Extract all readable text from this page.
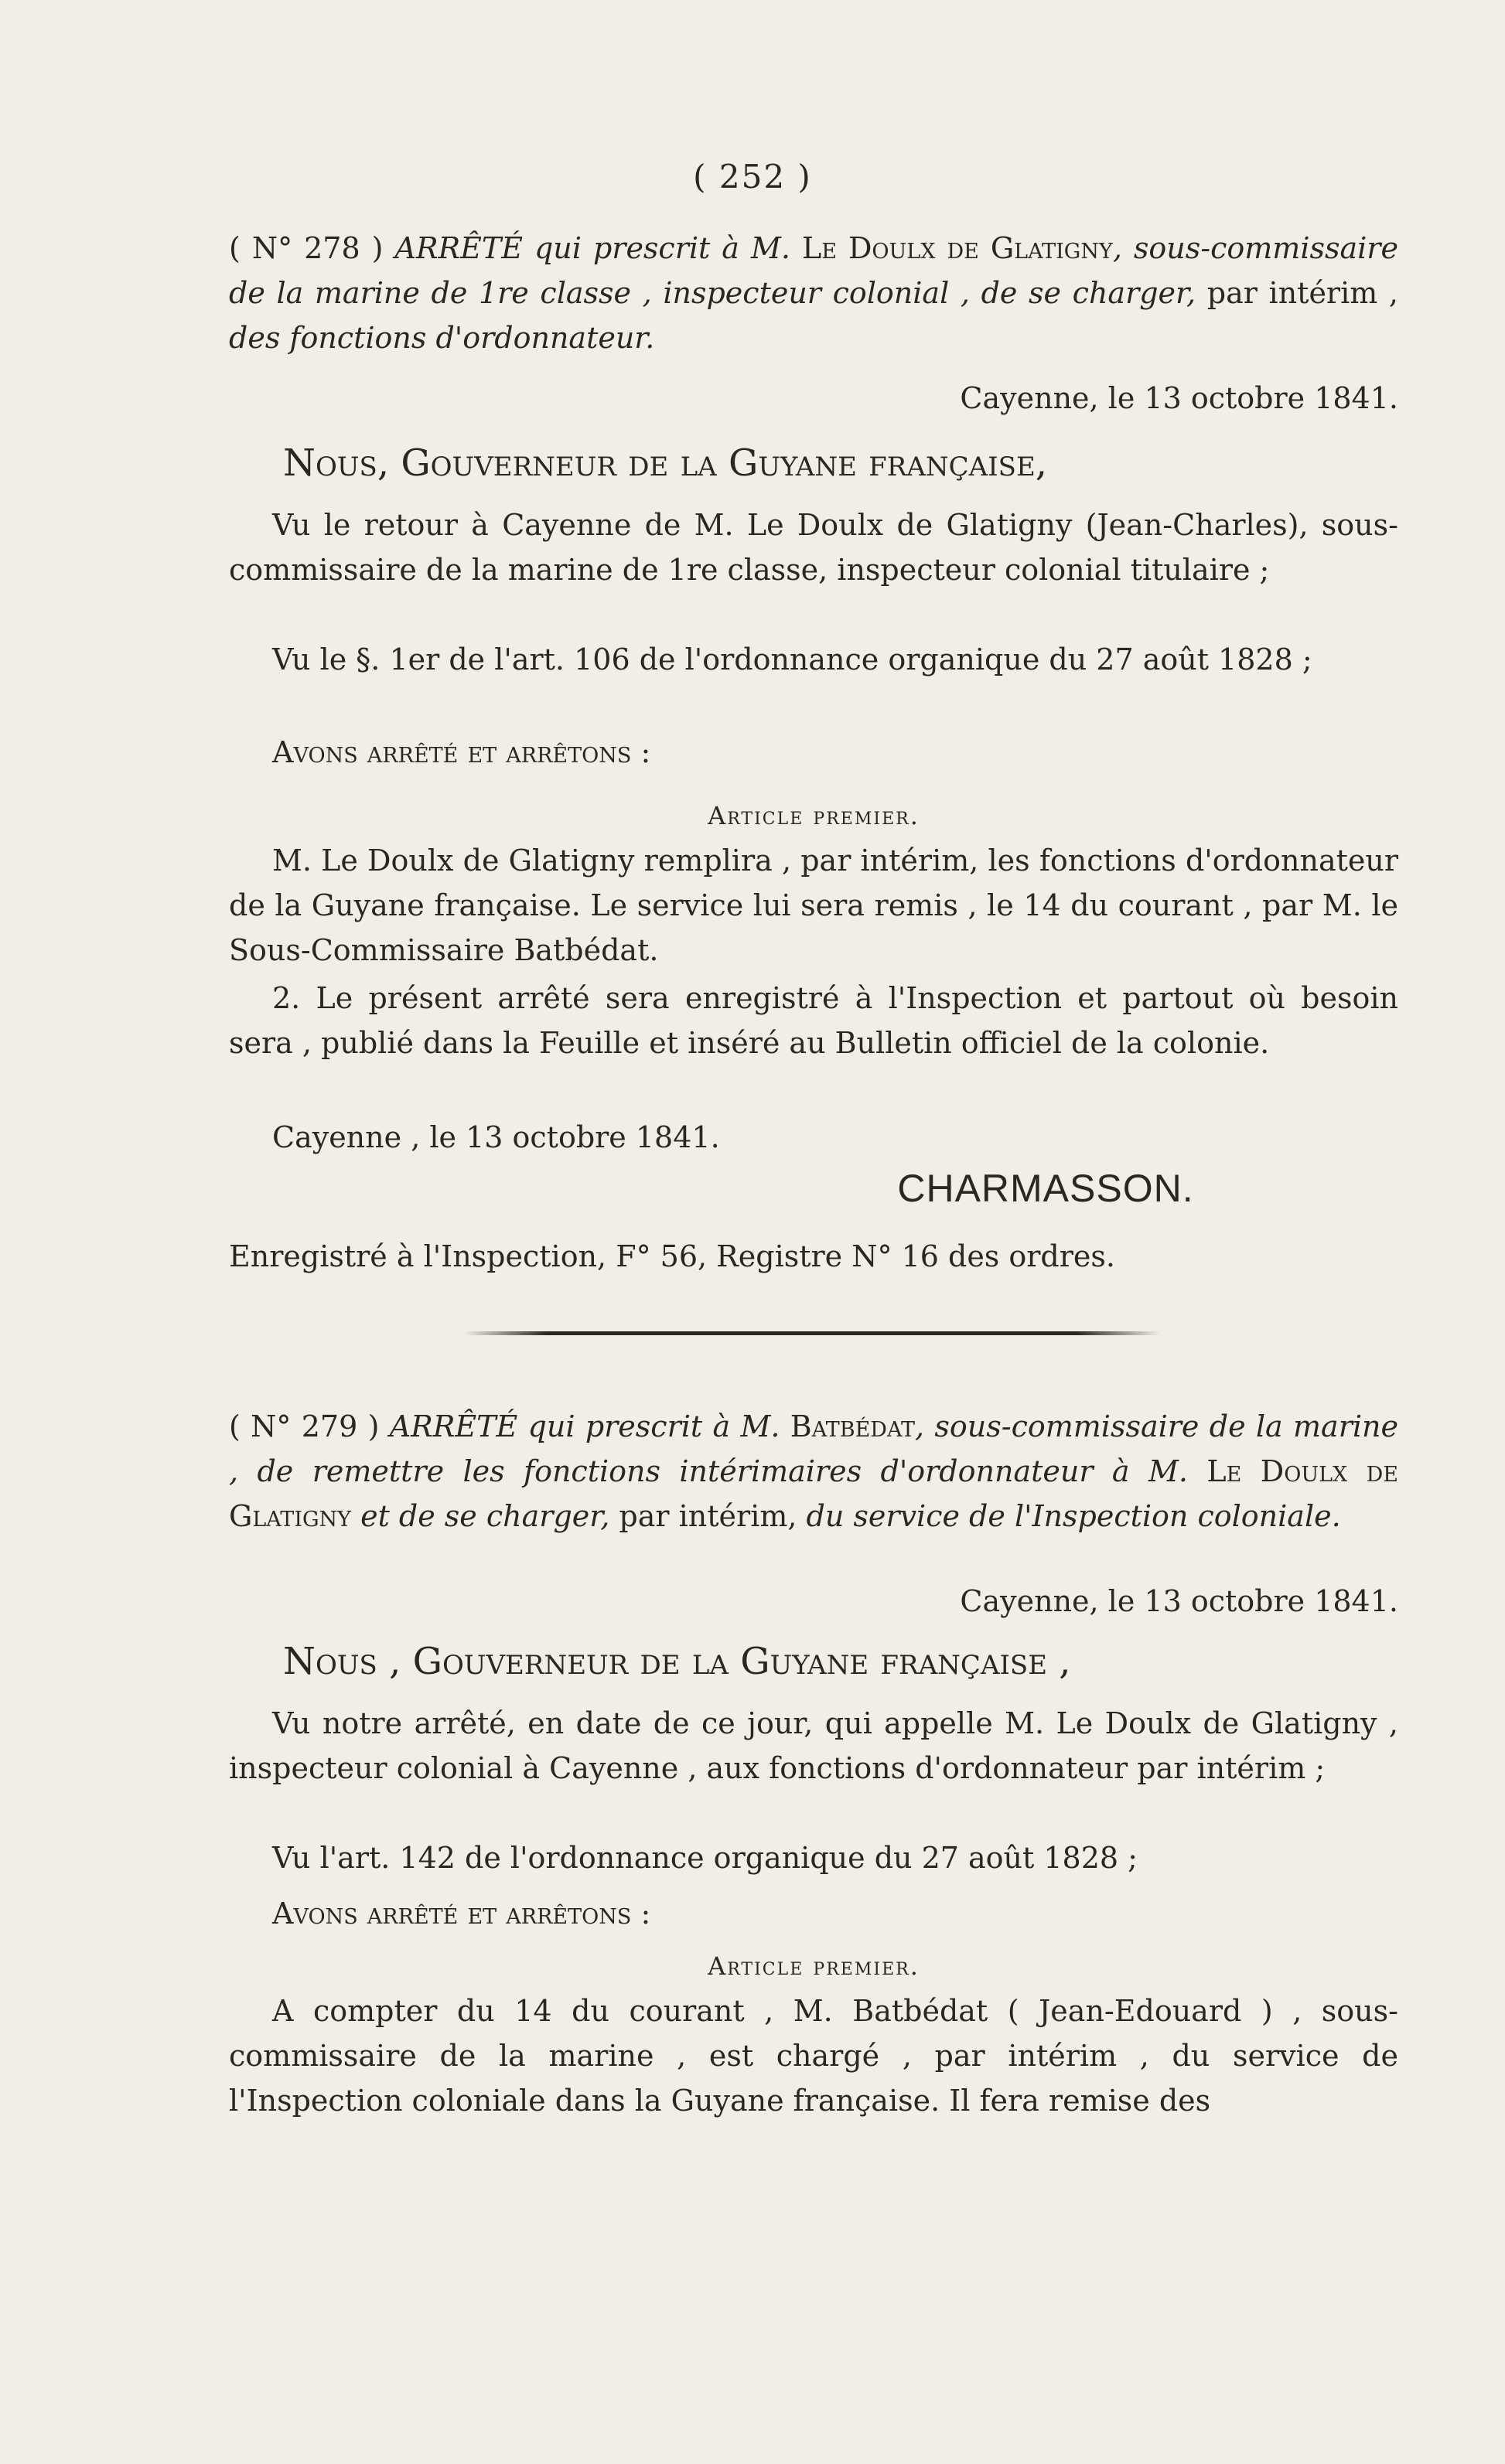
( 252 )
( N° 278 ) ARRÊTÉ qui prescrit à M. Le Doulx de Glatigny, sous-commissaire de la marine de 1re classe , inspecteur colonial , de se charger, par intérim , des fonctions d'ordonnateur.
Cayenne, le 13 octobre 1841.
Nous, Gouverneur de la Guyane française,
Vu le retour à Cayenne de M. Le Doulx de Glatigny (Jean-Charles), sous-commissaire de la marine de 1re classe, inspecteur colonial titulaire ;
Vu le §. 1er de l'art. 106 de l'ordonnance organique du 27 août 1828 ;
Avons arrêté et arrêtons :
Article premier.
M. Le Doulx de Glatigny remplira , par intérim, les fonctions d'ordonnateur de la Guyane française. Le service lui sera remis , le 14 du courant , par M. le Sous-Commissaire Batbédat.
2. Le présent arrêté sera enregistré à l'Inspection et partout où besoin sera , publié dans la Feuille et inséré au Bulletin officiel de la colonie.
Cayenne , le 13 octobre 1841.
CHARMASSON.
Enregistré à l'Inspection, F° 56, Registre N° 16 des ordres.
( N° 279 ) ARRÊTÉ qui prescrit à M. Batbédat, sous-commissaire de la marine , de remettre les fonctions intérimaires d'ordonnateur à M. Le Doulx de Glatigny et de se charger, par intérim, du service de l'Inspection coloniale.
Cayenne, le 13 octobre 1841.
Nous , Gouverneur de la Guyane française ,
Vu notre arrêté, en date de ce jour, qui appelle M. Le Doulx de Glatigny , inspecteur colonial à Cayenne , aux fonctions d'ordonnateur par intérim ;
Vu l'art. 142 de l'ordonnance organique du 27 août 1828 ;
Avons arrêté et arrêtons :
Article premier.
A compter du 14 du courant , M. Batbédat ( Jean-Edouard ) , sous-commissaire de la marine , est chargé , par intérim , du service de l'Inspection coloniale dans la Guyane française. Il fera remise des
